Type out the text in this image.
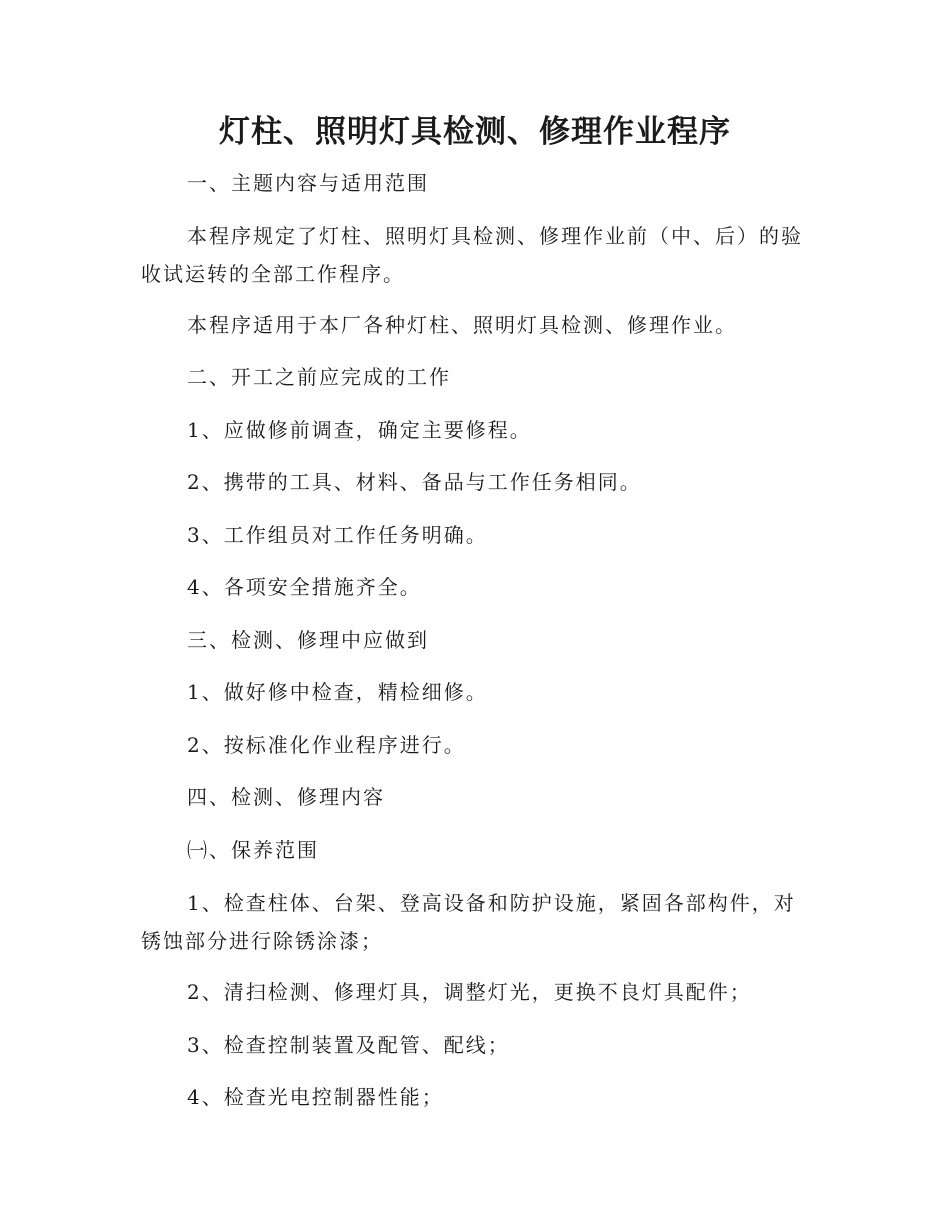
灯柱、照明灯具检测、修理作业程序

一、主题内容与适用范围

本程序规定了灯柱、照明灯具检测、修理作业前（中、后）的验收试运转的全部工作程序。

本程序适用于本厂各种灯柱、照明灯具检测、修理作业。

二、开工之前应完成的工作

1、应做修前调查，确定主要修程。

2、携带的工具、材料、备品与工作任务相同。

3、工作组员对工作任务明确。

4、各项安全措施齐全。

三、检测、修理中应做到

1、做好修中检查，精检细修。

2、按标准化作业程序进行。

四、检测、修理内容

㈠、保养范围

1、检查柱体、台架、登高设备和防护设施，紧固各部构件，对锈蚀部分进行除锈涂漆；

2、清扫检测、修理灯具，调整灯光，更换不良灯具配件；

3、检查控制装置及配管、配线；

4、检查光电控制器性能；
